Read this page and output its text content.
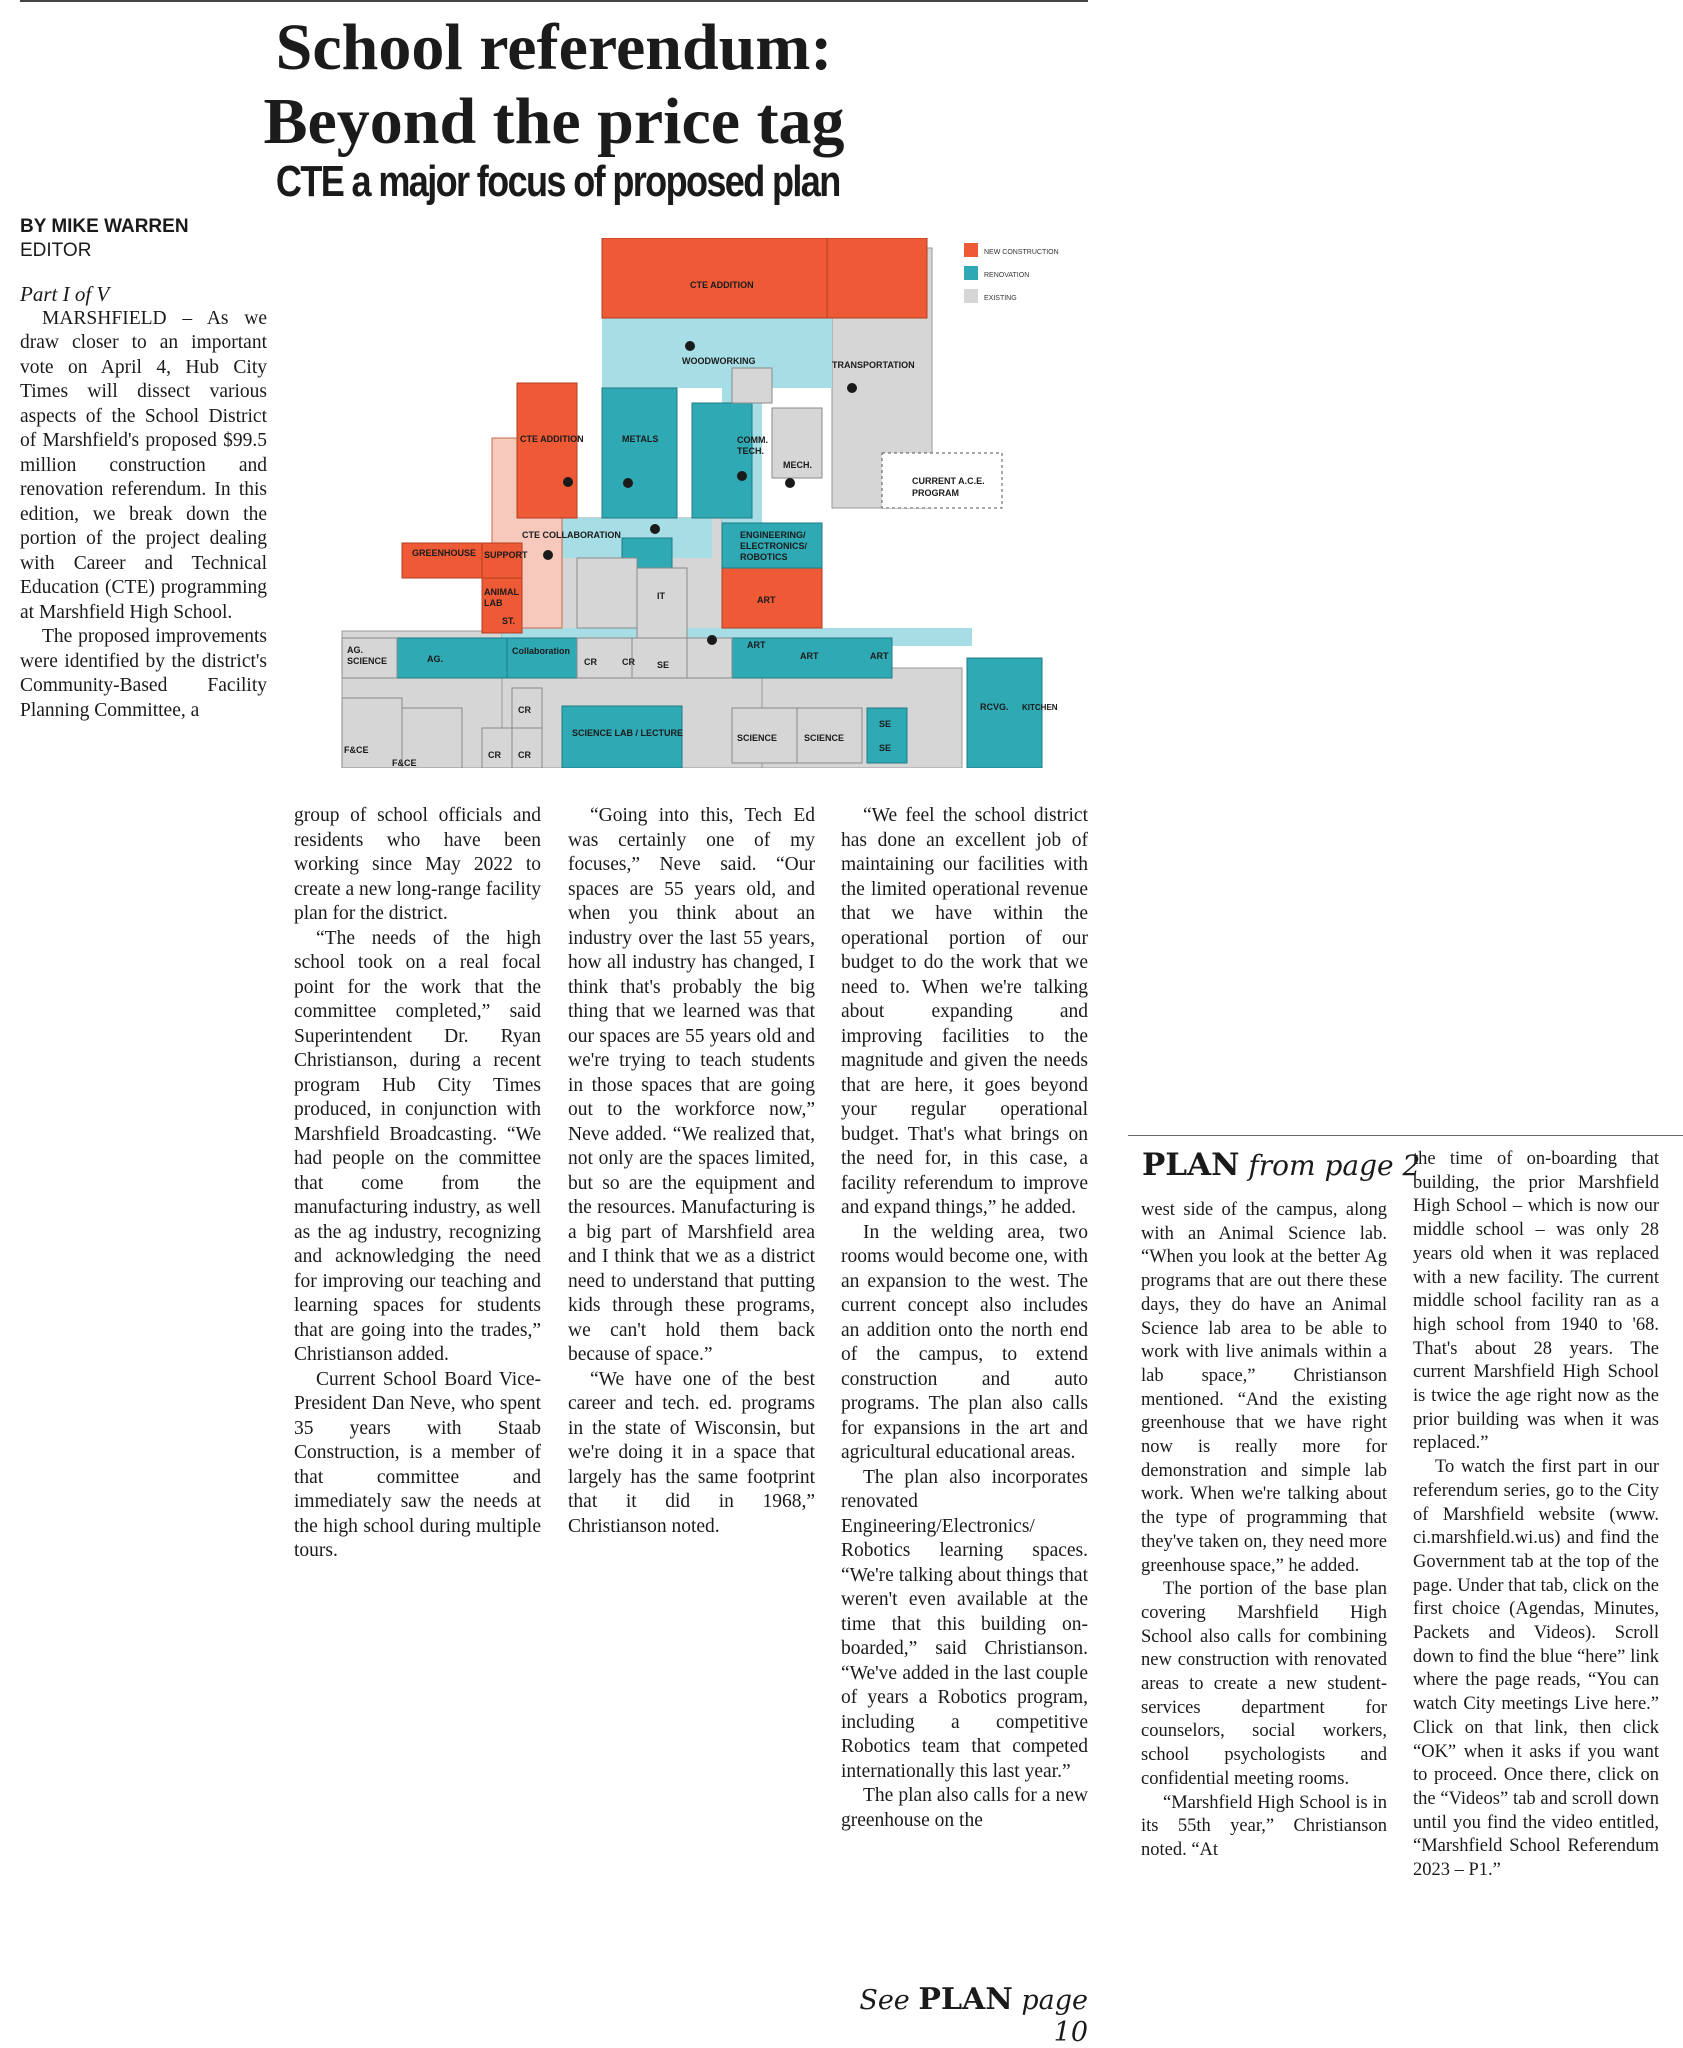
School referendum:
Beyond the price tag
CTE a major focus of proposed plan
BY MIKE WARREN
EDITOR
Part I of V

MARSHFIELD – As we draw closer to an important vote on April 4, Hub City Times will dissect various aspects of the School District of Marshfield's proposed $99.5 million construction and renovation referendum. In this edition, we break down the portion of the project dealing with Career and Technical Education (CTE) programming at Marshfield High School.

The proposed improvements were identified by the district's Community-Based Facility Planning Committee, a

NEW CONSTRUCTION
RENOVATION
EXISTING
CTE ADDITION
WOODWORKING	TRANSPORTATION
CTE ADDITION	METALS	COMM.
TECH.
MECH.
CURRENT A.C.E.
PROGRAM
CTE COLLABORATION	ENGINEERING/
ELECTRONICS/
ROBOTICS
GREENHOUSE SUPPORT
ANIMAL
LAB
ST.
IT	ART
ART
ART	ART
AG.
SCIENCE	AG.
Collaboration
CR	CR SE
CR
CR CR
F&CE
F&CE
SCIENCE LAB / LECTURE	SCIENCE	SCIENCE
SE
SE
RCVG. KITCHEN

group of school officials and residents who have been working since May 2022 to create a new long-range facility plan for the district.

“The needs of the high school took on a real focal point for the work that the committee completed,” said Superintendent Dr. Ryan Christianson, during a recent program Hub City Times produced, in conjunction with Marshfield Broadcasting. “We had people on the committee that come from the manufacturing industry, as well as the ag industry, recognizing and acknowledging the need for improving our teaching and learning spaces for students that are going into the trades,” Christianson added.

Current School Board Vice-President Dan Neve, who spent 35 years with Staab Construction, is a member of that committee and immediately saw the needs at the high school during multiple tours.

“Going into this, Tech Ed was certainly one of my focuses,” Neve said. “Our spaces are 55 years old, and when you think about an industry over the last 55 years, how all industry has changed, I think that's probably the big thing that we learned was that our spaces are 55 years old and we're trying to teach students in those spaces that are going out to the workforce now,” Neve added. “We realized that, not only are the spaces limited, but so are the equipment and the resources. Manufacturing is a big part of Marshfield area and I think that we as a district need to understand that putting kids through these programs, we can't hold them back because of space.”

“We have one of the best career and tech. ed. programs in the state of Wisconsin, but we're doing it in a space that largely has the same footprint that it did in 1968,” Christianson noted.

“We feel the school district has done an excellent job of maintaining our facilities with the limited operational revenue that we have within the operational portion of our budget to do the work that we need to. When we're talking about expanding and improving facilities to the magnitude and given the needs that are here, it goes beyond your regular operational budget. That's what brings on the need for, in this case, a facility referendum to improve and expand things,” he added.

In the welding area, two rooms would become one, with an expansion to the west. The current concept also includes an addition onto the north end of the campus, to extend construction and auto programs. The plan also calls for expansions in the art and agricultural educational areas.

The plan also incorporates renovated Engineering/Electronics/ Robotics learning spaces. “We're talking about things that weren't even available at the time that this building on-boarded,” said Christianson. “We've added in the last couple of years a Robotics program, including a competitive Robotics team that competed internationally this last year.”

The plan also calls for a new greenhouse on the

See PLAN page 10
PLAN from page 2

west side of the campus, along with an Animal Science lab. “When you look at the better Ag programs that are out there these days, they do have an Animal Science lab area to be able to work with live animals within a lab space,” Christianson mentioned. “And the existing greenhouse that we have right now is really more for demonstration and simple lab work. When we're talking about the type of programming that they've taken on, they need more greenhouse space,” he added.

The portion of the base plan covering Marshfield High School also calls for combining new construction with renovated areas to create a new student-services department for counselors, social workers, school psychologists and confidential meeting rooms.

“Marshfield High School is in its 55th year,” Christianson noted. “At

the time of on-boarding that building, the prior Marshfield High School – which is now our middle school – was only 28 years old when it was replaced with a new facility. The current middle school facility ran as a high school from 1940 to '68. That's about 28 years. The current Marshfield High School is twice the age right now as the prior building was when it was replaced.”

To watch the first part in our referendum series, go to the City of Marshfield website (www. ci.marshfield.wi.us) and find the Government tab at the top of the page. Under that tab, click on the first choice (Agendas, Minutes, Packets and Videos). Scroll down to find the blue “here” link where the page reads, “You can watch City meetings Live here.” Click on that link, then click “OK” when it asks if you want to proceed. Once there, click on the “Videos” tab and scroll down until you find the video entitled, “Marshfield School Referendum 2023 – P1.”
